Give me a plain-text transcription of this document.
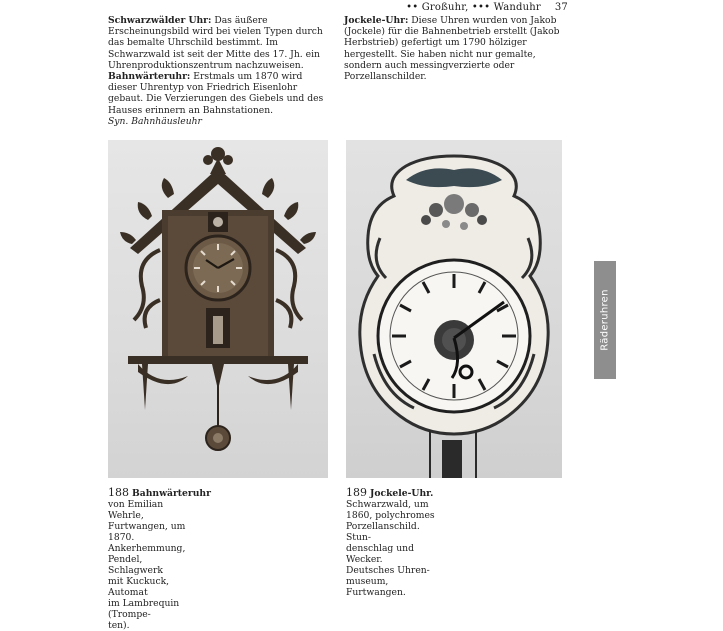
•• Großuhr, ••• Wanduhr 37

Schwarzwälder Uhr: Das äußere Erscheinungsbild wird bei vielen Typen durch das bemalte Uhrschild bestimmt. Im Schwarzwald ist seit der Mitte des 17. Jh. ein Uhrenproduktionszentrum nachzuweisen.

Bahnwärteruhr: Erstmals um 1870 wird dieser Uhrentyp von Friedrich Eisenlohr gebaut. Die Verzierungen des Giebels und des Hauses erinnern an Bahnstationen.

Syn. Bahnhäusleuhr

Jockele-Uhr: Diese Uhren wurden von Jakob (Jockele) für die Bahnenbetrieb erstellt (Jakob Herbstrieb) gefertigt um 1790 hölziger hergestellt. Sie haben nicht nur gemalte, sondern auch messingverzierte oder Porzellanschilder.

188 Bahnwärteruhr
von Emilian Wehrle,
Furtwangen, um 1870.
Ankerhemmung,
Pendel, Schlagwerk
mit Kuckuck, Automat
im Lambrequin (Trompe-
ten).
189 Jockele-Uhr.
Schwarzwald, um
1860, polychromes
Porzellanschild. Stun-
denschlag und Wecker.
Deutsches Uhren-
museum, Furtwangen.
Räderuhren
